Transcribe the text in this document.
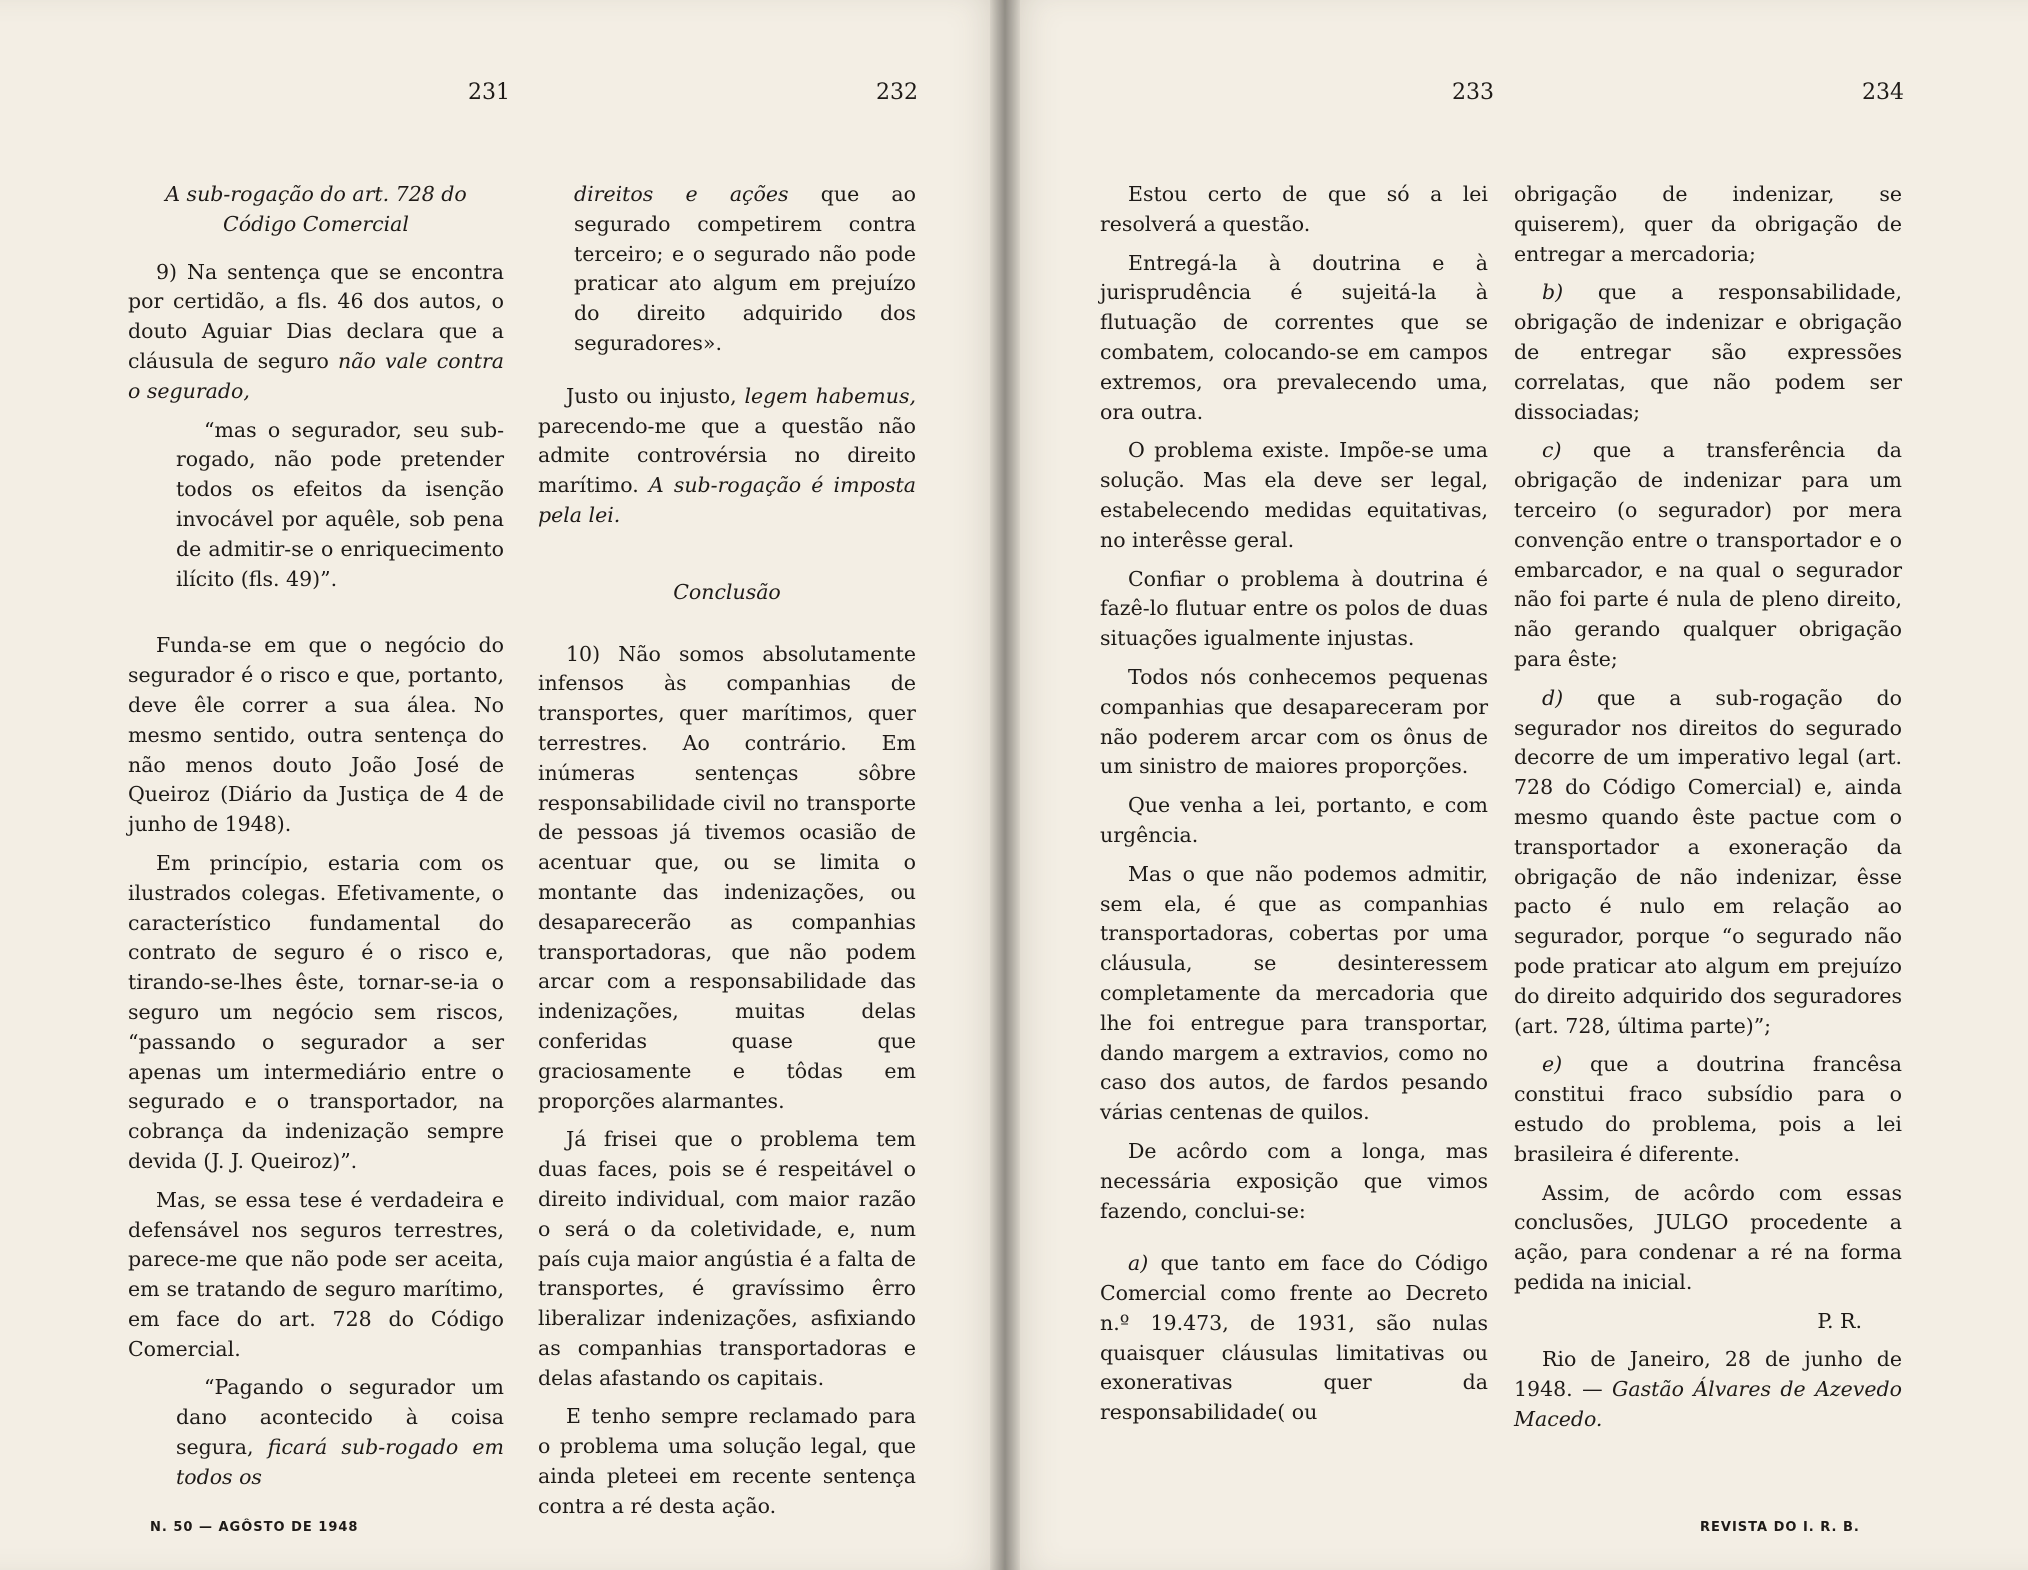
231	232	233	234

A sub-rogação do art. 728 do Código Comercial

9) Na sentença que se encontra por certidão, a fls. 46 dos autos, o douto Aguiar Dias declara que a cláusula de seguro não vale contra o segurado,

“mas o segurador, seu sub-rogado, não pode pretender todos os efeitos da isenção invocável por aquêle, sob pena de admitir-se o enriquecimento ilícito (fls. 49)”.

Funda-se em que o negócio do segurador é o risco e que, portanto, deve êle correr a sua álea. No mesmo sentido, outra sentença do não menos douto João José de Queiroz (Diário da Justiça de 4 de junho de 1948).

Em princípio, estaria com os ilustrados colegas. Efetivamente, o característico fundamental do contrato de seguro é o risco e, tirando-se-lhes êste, tornar-se-ia o seguro um negócio sem riscos, “passando o segurador a ser apenas um intermediário entre o segurado e o transportador, na cobrança da indenização sempre devida (J. J. Queiroz)”.

Mas, se essa tese é verdadeira e defensável nos seguros terrestres, parece-me que não pode ser aceita, em se tratando de seguro marítimo, em face do art. 728 do Código Comercial.

“Pagando o segurador um dano acontecido à coisa segura, ficará sub-rogado em todos os

direitos e ações que ao segurado competirem contra terceiro; e o segurado não pode praticar ato algum em prejuízo do direito adquirido dos seguradores».

Justo ou injusto, legem habemus, parecendo-me que a questão não admite controvérsia no direito marítimo. A sub-rogação é imposta pela lei.

Conclusão

10) Não somos absolutamente infensos às companhias de transportes, quer marítimos, quer terrestres. Ao contrário. Em inúmeras sentenças sôbre responsabilidade civil no transporte de pessoas já tivemos ocasião de acentuar que, ou se limita o montante das indenizações, ou desaparecerão as companhias transportadoras, que não podem arcar com a responsabilidade das indenizações, muitas delas conferidas quase que graciosamente e tôdas em proporções alarmantes.

Já frisei que o problema tem duas faces, pois se é respeitável o direito individual, com maior razão o será o da coletividade, e, num país cuja maior angústia é a falta de transportes, é gravíssimo êrro liberalizar indenizações, asfixiando as companhias transportadoras e delas afastando os capitais.

E tenho sempre reclamado para o problema uma solução legal, que ainda pleteei em recente sentença contra a ré desta ação.

Estou certo de que só a lei resolverá a questão.

Entregá-la à doutrina e à jurisprudência é sujeitá-la à flutuação de correntes que se combatem, colocando-se em campos extremos, ora prevalecendo uma, ora outra.

O problema existe. Impõe-se uma solução. Mas ela deve ser legal, estabelecendo medidas equitativas, no interêsse geral.

Confiar o problema à doutrina é fazê-lo flutuar entre os polos de duas situações igualmente injustas.

Todos nós conhecemos pequenas companhias que desapareceram por não poderem arcar com os ônus de um sinistro de maiores proporções.

Que venha a lei, portanto, e com urgência.

Mas o que não podemos admitir, sem ela, é que as companhias transportadoras, cobertas por uma cláusula, se desinteressem completamente da mercadoria que lhe foi entregue para transportar, dando margem a extravios, como no caso dos autos, de fardos pesando várias centenas de quilos.

De acôrdo com a longa, mas necessária exposição que vimos fazendo, conclui-se:

a) que tanto em face do Código Comercial como frente ao Decreto n.º 19.473, de 1931, são nulas quaisquer cláusulas limitativas ou exonerativas quer da responsabilidade( ou

obrigação de indenizar, se quiserem), quer da obrigação de entregar a mercadoria;

b) que a responsabilidade, obrigação de indenizar e obrigação de entregar são expressões correlatas, que não podem ser dissociadas;

c) que a transferência da obrigação de indenizar para um terceiro (o segurador) por mera convenção entre o transportador e o embarcador, e na qual o segurador não foi parte é nula de pleno direito, não gerando qualquer obrigação para êste;

d) que a sub-rogação do segurador nos direitos do segurado decorre de um imperativo legal (art. 728 do Código Comercial) e, ainda mesmo quando êste pactue com o transportador a exoneração da obrigação de não indenizar, êsse pacto é nulo em relação ao segurador, porque “o segurado não pode praticar ato algum em prejuízo do direito adquirido dos seguradores (art. 728, última parte)”;

e) que a doutrina francêsa constitui fraco subsídio para o estudo do problema, pois a lei brasileira é diferente.

Assim, de acôrdo com essas conclusões, JULGO procedente a ação, para condenar a ré na forma pedida na inicial.

P. R.

Rio de Janeiro, 28 de junho de 1948. — Gastão Álvares de Azevedo Macedo.

N. 50 — AGÔSTO DE 1948	REVISTA DO I. R. B.
